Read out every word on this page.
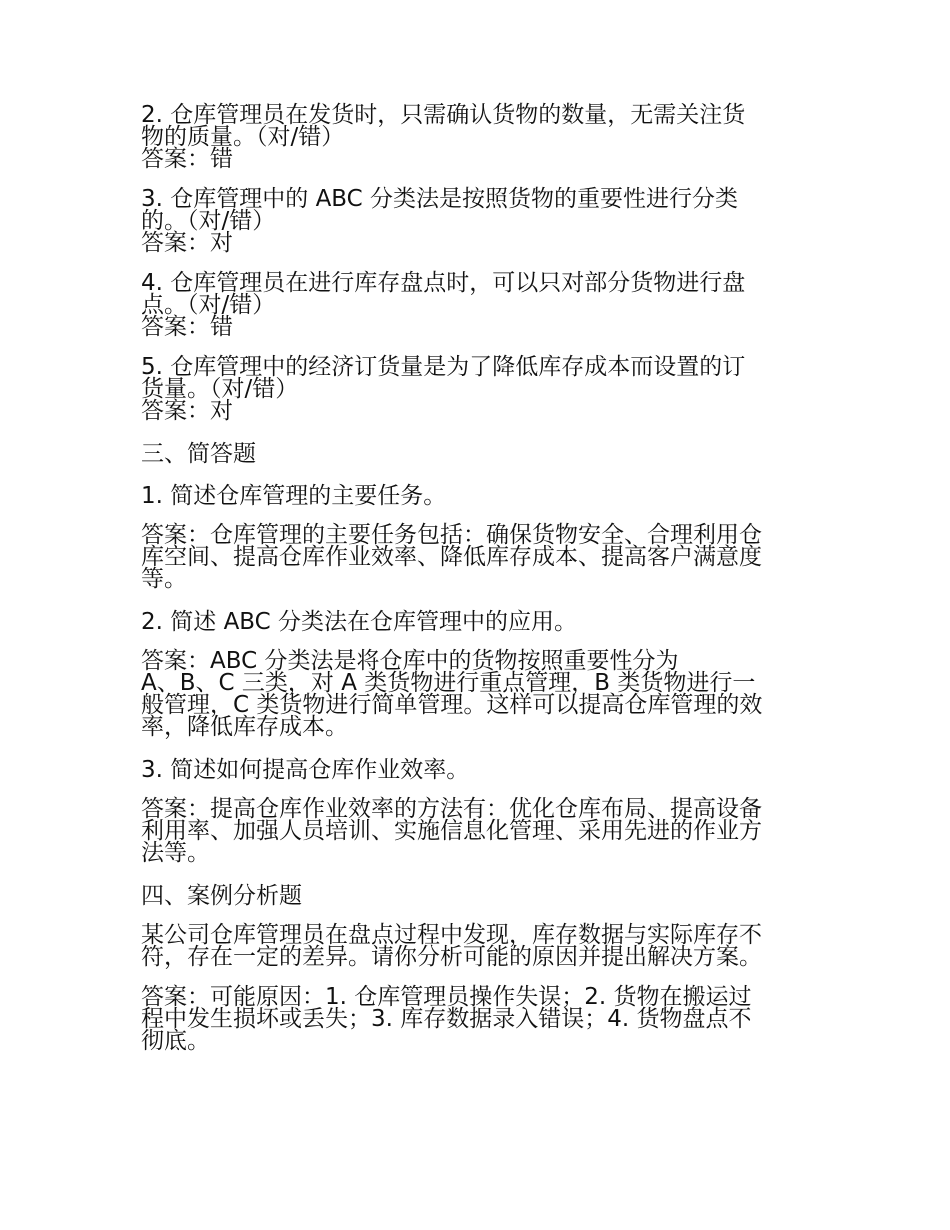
2. 仓库管理员在发货时，只需确认货物的数量，无需关注货
物的质量。（对/错）
答案：错
3. 仓库管理中的 ABC 分类法是按照货物的重要性进行分类
的。（对/错）
答案：对
4. 仓库管理员在进行库存盘点时，可以只对部分货物进行盘
点。（对/错）
答案：错
5. 仓库管理中的经济订货量是为了降低库存成本而设置的订
货量。（对/错）
答案：对
三、简答题
1. 简述仓库管理的主要任务。
答案：仓库管理的主要任务包括：确保货物安全、合理利用仓
库空间、提高仓库作业效率、降低库存成本、提高客户满意度
等。
2. 简述 ABC 分类法在仓库管理中的应用。
答案：ABC 分类法是将仓库中的货物按照重要性分为
A、B、C 三类，对 A 类货物进行重点管理，B 类货物进行一
般管理，C 类货物进行简单管理。这样可以提高仓库管理的效
率，降低库存成本。
3. 简述如何提高仓库作业效率。
答案：提高仓库作业效率的方法有：优化仓库布局、提高设备
利用率、加强人员培训、实施信息化管理、采用先进的作业方
法等。
四、案例分析题
某公司仓库管理员在盘点过程中发现，库存数据与实际库存不
符，存在一定的差异。请你分析可能的原因并提出解决方案。
答案：可能原因：1. 仓库管理员操作失误；2. 货物在搬运过
程中发生损坏或丢失；3. 库存数据录入错误；4. 货物盘点不
彻底。
